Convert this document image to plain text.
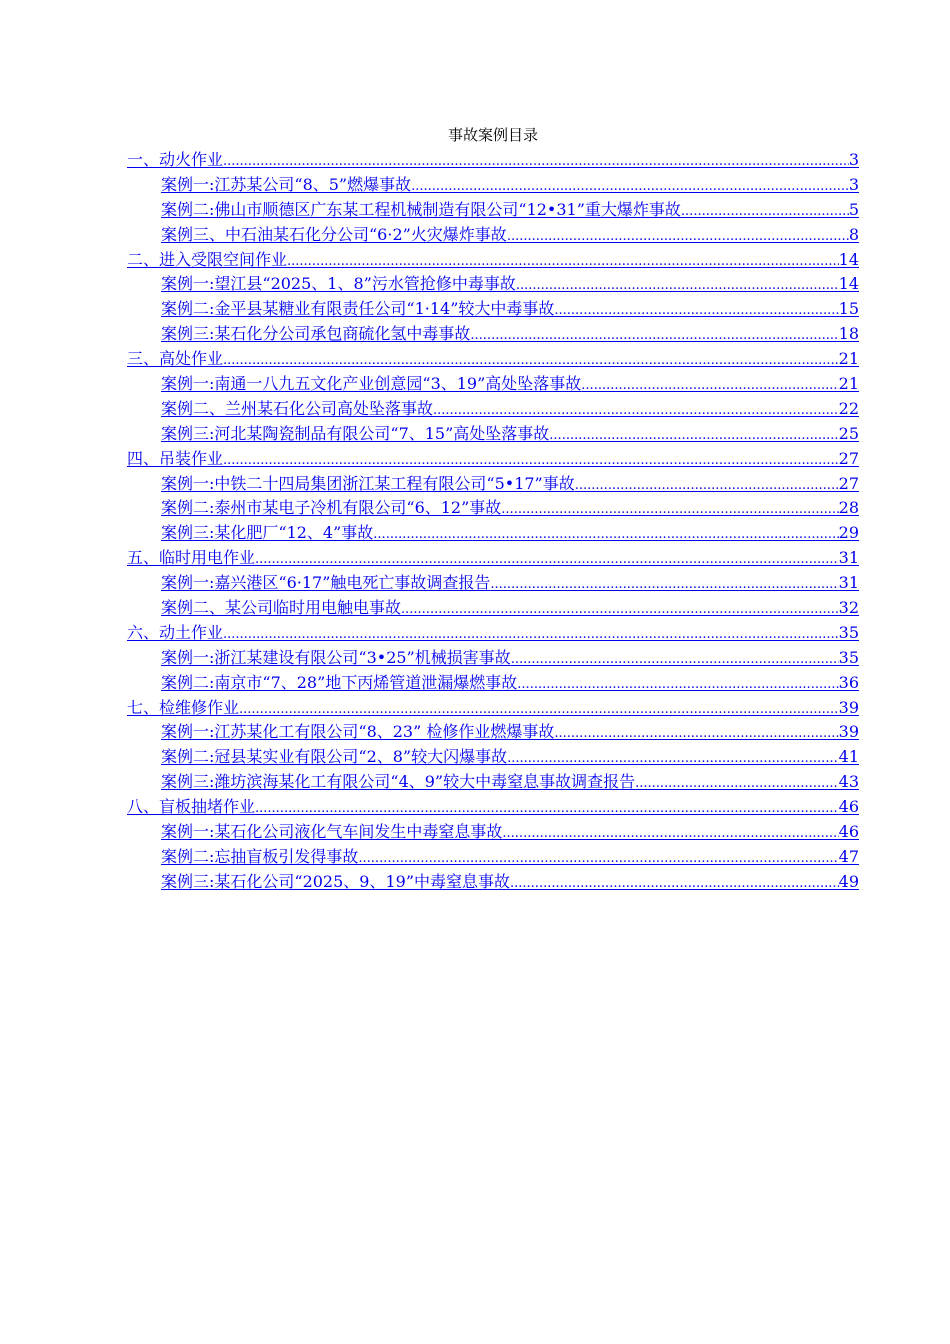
事故案例目录
一、动火作业 .....	3
案例一:江苏某公司“8、5”燃爆事故 .....	3
案例二:佛山市顺德区广东某工程机械制造有限公司“12•31”重大爆炸事故 .....	5
案例三、中石油某石化分公司“6·2”火灾爆炸事故 .....	8
二、进入受限空间作业 .....	14
案例一:望江县“2025、1、8”污水管抢修中毒事故 .....	14
案例二:金平县某糖业有限责任公司“1·14”较大中毒事故 .....	15
案例三:某石化分公司承包商硫化氢中毒事故 .....	18
三、高处作业 .....	21
案例一:南通一八九五文化产业创意园“3、19”高处坠落事故 .....	21
案例二、兰州某石化公司高处坠落事故 .....	22
案例三:河北某陶瓷制品有限公司“7、15”高处坠落事故 .....	25
四、吊装作业 .....	27
案例一:中铁二十四局集团浙江某工程有限公司“5•17”事故 .....	27
案例二:泰州市某电子冷机有限公司“6、12”事故 .....	28
案例三:某化肥厂“12、4”事故 .....	29
五、临时用电作业 .....	31
案例一:嘉兴港区“6·17”触电死亡事故调查报告 .....	31
案例二、某公司临时用电触电事故 .....	32
六、动土作业 .....	35
案例一:浙江某建设有限公司“3•25”机械损害事故 .....	35
案例二:南京市“7、28”地下丙烯管道泄漏爆燃事故 .....	36
七、检维修作业 .....	39
案例一:江苏某化工有限公司“8、23” 检修作业燃爆事故 .....	39
案例二:冠县某实业有限公司“2、8”较大闪爆事故 .....	41
案例三:潍坊滨海某化工有限公司“4、9”较大中毒窒息事故调查报告 .....	43
八、盲板抽堵作业 .....	46
案例一:某石化公司液化气车间发生中毒窒息事故 .....	46
案例二:忘抽盲板引发得事故 .....	47
案例三:某石化公司“2025、9、19”中毒窒息事故 .....	49
